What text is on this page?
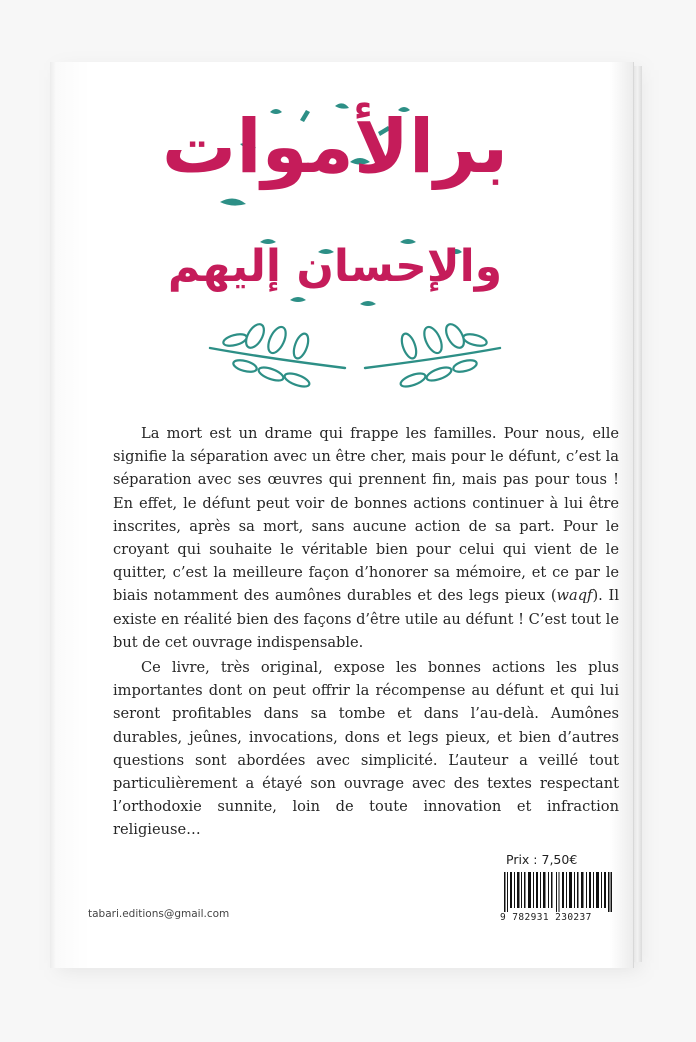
برالأموات
والإحسان إليهم

La mort est un drame qui frappe les familles. Pour nous, elle signifie la séparation avec un être cher, mais pour le défunt, c’est la séparation avec ses œuvres qui prennent fin, mais pas pour tous ! En effet, le défunt peut voir de bonnes actions continuer à lui être inscrites, après sa mort, sans aucune action de sa part. Pour le croyant qui souhaite le véritable bien pour celui qui vient de le quitter, c’est la meilleure façon d’honorer sa mémoire, et ce par le biais notamment des aumônes durables et des legs pieux (waqf). Il existe en réalité bien des façons d’être utile au défunt ! C’est tout le but de cet ouvrage indispensable.

Ce livre, très original, expose les bonnes actions les plus importantes dont on peut offrir la récompense au défunt et qui lui seront profitables dans sa tombe et dans l’au-delà. Aumônes durables, jeûnes, invocations, dons et legs pieux, et bien d’autres questions sont abordées avec simplicité. L’auteur a veillé tout particulièrement a étayé son ouvrage avec des textes respectant l’orthodoxie sunnite, loin de toute innovation et infraction religieuse…

Prix : 7,50€
9 782931 230237
tabari.editions@gmail.com
